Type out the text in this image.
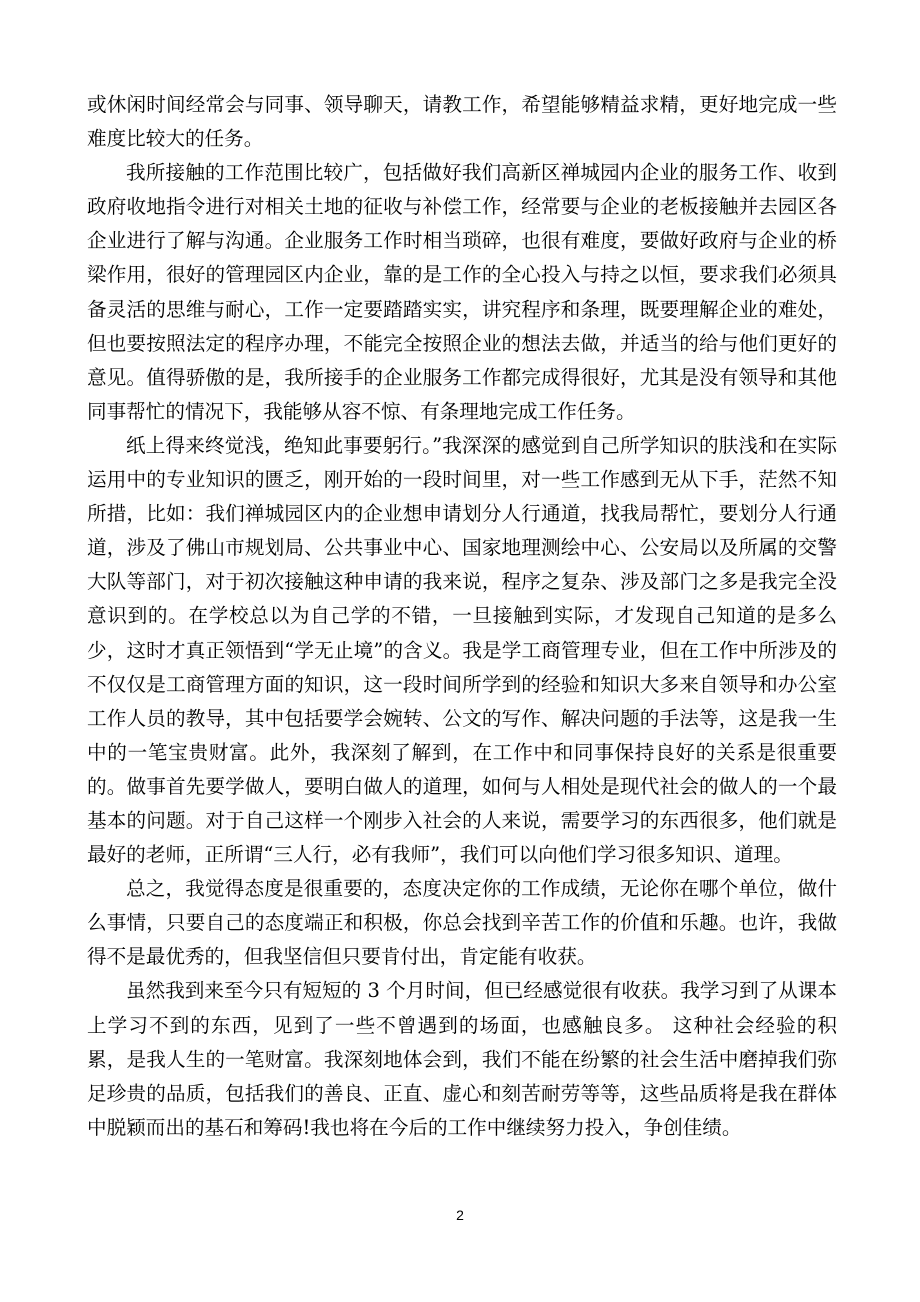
或休闲时间经常会与同事、领导聊天，请教工作，希望能够精益求精，更好地完成一些难度比较大的任务。

我所接触的工作范围比较广，包括做好我们高新区禅城园内企业的服务工作、收到政府收地指令进行对相关土地的征收与补偿工作，经常要与企业的老板接触并去园区各企业进行了解与沟通。企业服务工作时相当琐碎，也很有难度，要做好政府与企业的桥梁作用，很好的管理园区内企业，靠的是工作的全心投入与持之以恒，要求我们必须具备灵活的思维与耐心，工作一定要踏踏实实，讲究程序和条理，既要理解企业的难处，但也要按照法定的程序办理，不能完全按照企业的想法去做，并适当的给与他们更好的意见。值得骄傲的是，我所接手的企业服务工作都完成得很好，尤其是没有领导和其他同事帮忙的情况下，我能够从容不惊、有条理地完成工作任务。

纸上得来终觉浅，绝知此事要躬行。”我深深的感觉到自己所学知识的肤浅和在实际运用中的专业知识的匮乏，刚开始的一段时间里，对一些工作感到无从下手，茫然不知所措，比如：我们禅城园区内的企业想申请划分人行通道，找我局帮忙，要划分人行通道，涉及了佛山市规划局、公共事业中心、国家地理测绘中心、公安局以及所属的交警大队等部门，对于初次接触这种申请的我来说，程序之复杂、涉及部门之多是我完全没意识到的。在学校总以为自己学的不错，一旦接触到实际，才发现自己知道的是多么少，这时才真正领悟到“学无止境”的含义。我是学工商管理专业，但在工作中所涉及的不仅仅是工商管理方面的知识，这一段时间所学到的经验和知识大多来自领导和办公室工作人员的教导，其中包括要学会婉转、公文的写作、解决问题的手法等，这是我一生中的一笔宝贵财富。此外，我深刻了解到，在工作中和同事保持良好的关系是很重要的。做事首先要学做人，要明白做人的道理，如何与人相处是现代社会的做人的一个最基本的问题。对于自己这样一个刚步入社会的人来说，需要学习的东西很多，他们就是最好的老师，正所谓“三人行，必有我师”，我们可以向他们学习很多知识、道理。

总之，我觉得态度是很重要的，态度决定你的工作成绩，无论你在哪个单位，做什么事情，只要自己的态度端正和积极，你总会找到辛苦工作的价值和乐趣。也许，我做得不是最优秀的，但我坚信但只要肯付出，肯定能有收获。

虽然我到来至今只有短短的 3 个月时间，但已经感觉很有收获。我学习到了从课本上学习不到的东西，见到了一些不曾遇到的场面，也感触良多。 这种社会经验的积累，是我人生的一笔财富。我深刻地体会到，我们不能在纷繁的社会生活中磨掉我们弥足珍贵的品质，包括我们的善良、正直、虚心和刻苦耐劳等等，这些品质将是我在群体中脱颖而出的基石和筹码!我也将在今后的工作中继续努力投入，争创佳绩。

2
